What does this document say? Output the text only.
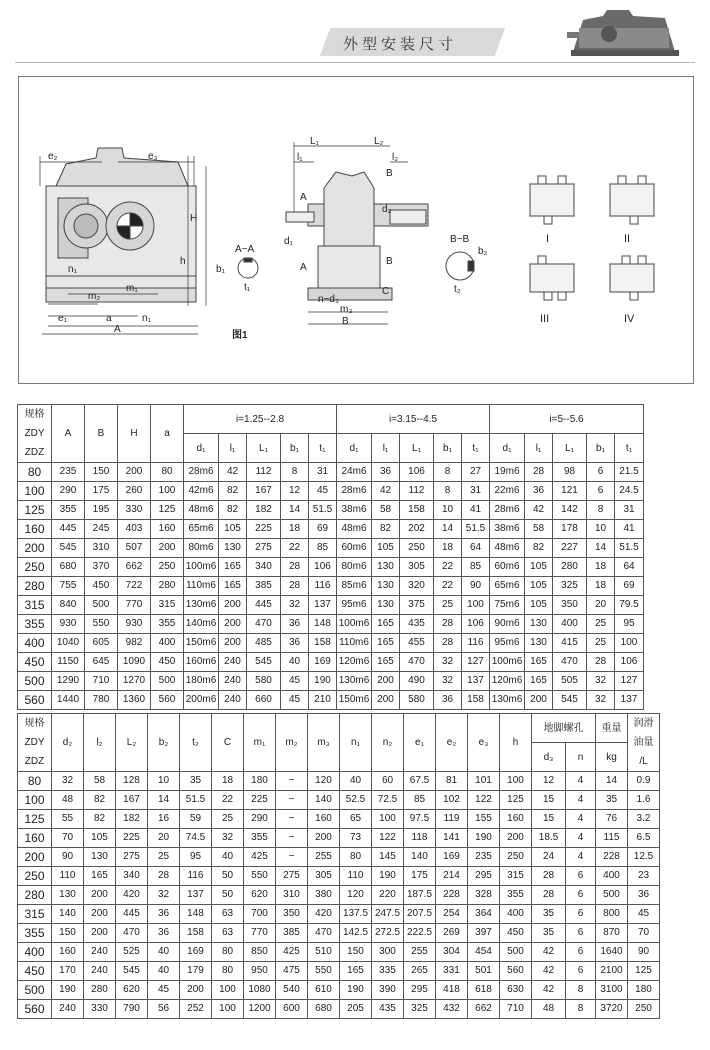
外型安装尺寸
e₂	e₃
H
h
n₁
m₂
m₁
e₁	a	n₁
A
A−A
b₁
t₁
图1
L₁	L₂
l₁	l₂
A
A
B
B
d₂
d₁
C
n−d₃
m₃
B
B−B
b₂
t₂
I	II
III	IV
规格
ZDY
ZDZ	A	B	H	a	i=1.25--2.8					i=3.15--4.5					i=5--5.6				
					d₁	l₁	L₁	b₁	t₁	d₁	l₁	L₁	b₁	t₁	d₁	l₁	L₁	b₁	t₁
80	235	150	200	80	28m6	42	112	8	31	24m6	36	106	8	27	19m6	28	98	6	21.5
100	290	175	260	100	42m6	82	167	12	45	28m6	42	112	8	31	22m6	36	121	6	24.5
125	355	195	330	125	48m6	82	182	14	51.5	38m6	58	158	10	41	28m6	42	142	8	31
160	445	245	403	160	65m6	105	225	18	69	48m6	82	202	14	51.5	38m6	58	178	10	41
200	545	310	507	200	80m6	130	275	22	85	60m6	105	250	18	64	48m6	82	227	14	51.5
250	680	370	662	250	100m6	165	340	28	106	80m6	130	305	22	85	60m6	105	280	18	64
280	755	450	722	280	110m6	165	385	28	116	85m6	130	320	22	90	65m6	105	325	18	69
315	840	500	770	315	130m6	200	445	32	137	95m6	130	375	25	100	75m6	105	350	20	79.5
355	930	550	930	355	140m6	200	470	36	148	100m6	165	435	28	106	90m6	130	400	25	95
400	1040	605	982	400	150m6	200	485	36	158	110m6	165	455	28	116	95m6	130	415	25	100
450	1150	645	1090	450	160m6	240	545	40	169	120m6	165	470	32	127	100m6	165	470	28	106
500	1290	710	1270	500	180m6	240	580	45	190	130m6	200	490	32	137	120m6	165	505	32	127
560	1440	780	1360	560	200m6	240	660	45	210	150m6	200	580	36	158	130m6	200	545	32	137
规格
ZDY
ZDZ	d₂	l₂	L₂	b₂	t₂	C	m₁	m₂	m₃	n₁	n₂	e₁	e₂	e₃	h	地脚螺孔		重量	润滑
油量
/L
																d₃	n	kg	
80	32	58	128	10	35	18	180	−	120	40	60	67.5	81	101	100	12	4	14	0.9
100	48	82	167	14	51.5	22	225	−	140	52.5	72.5	85	102	122	125	15	4	35	1.6
125	55	82	182	16	59	25	290	−	160	65	100	97.5	119	155	160	15	4	76	3.2
160	70	105	225	20	74.5	32	355	−	200	73	122	118	141	190	200	18.5	4	115	6.5
200	90	130	275	25	95	40	425	−	255	80	145	140	169	235	250	24	4	228	12.5
250	110	165	340	28	116	50	550	275	305	110	190	175	214	295	315	28	6	400	23
280	130	200	420	32	137	50	620	310	380	120	220	187.5	228	328	355	28	6	500	36
315	140	200	445	36	148	63	700	350	420	137.5	247.5	207.5	254	364	400	35	6	800	45
355	150	200	470	36	158	63	770	385	470	142.5	272.5	222.5	269	397	450	35	6	870	70
400	160	240	525	40	169	80	850	425	510	150	300	255	304	454	500	42	6	1640	90
450	170	240	545	40	179	80	950	475	550	165	335	265	331	501	560	42	6	2100	125
500	190	280	620	45	200	100	1080	540	610	190	390	295	418	618	630	42	8	3100	180
560	240	330	790	56	252	100	1200	600	680	205	435	325	432	662	710	48	8	3720	250
